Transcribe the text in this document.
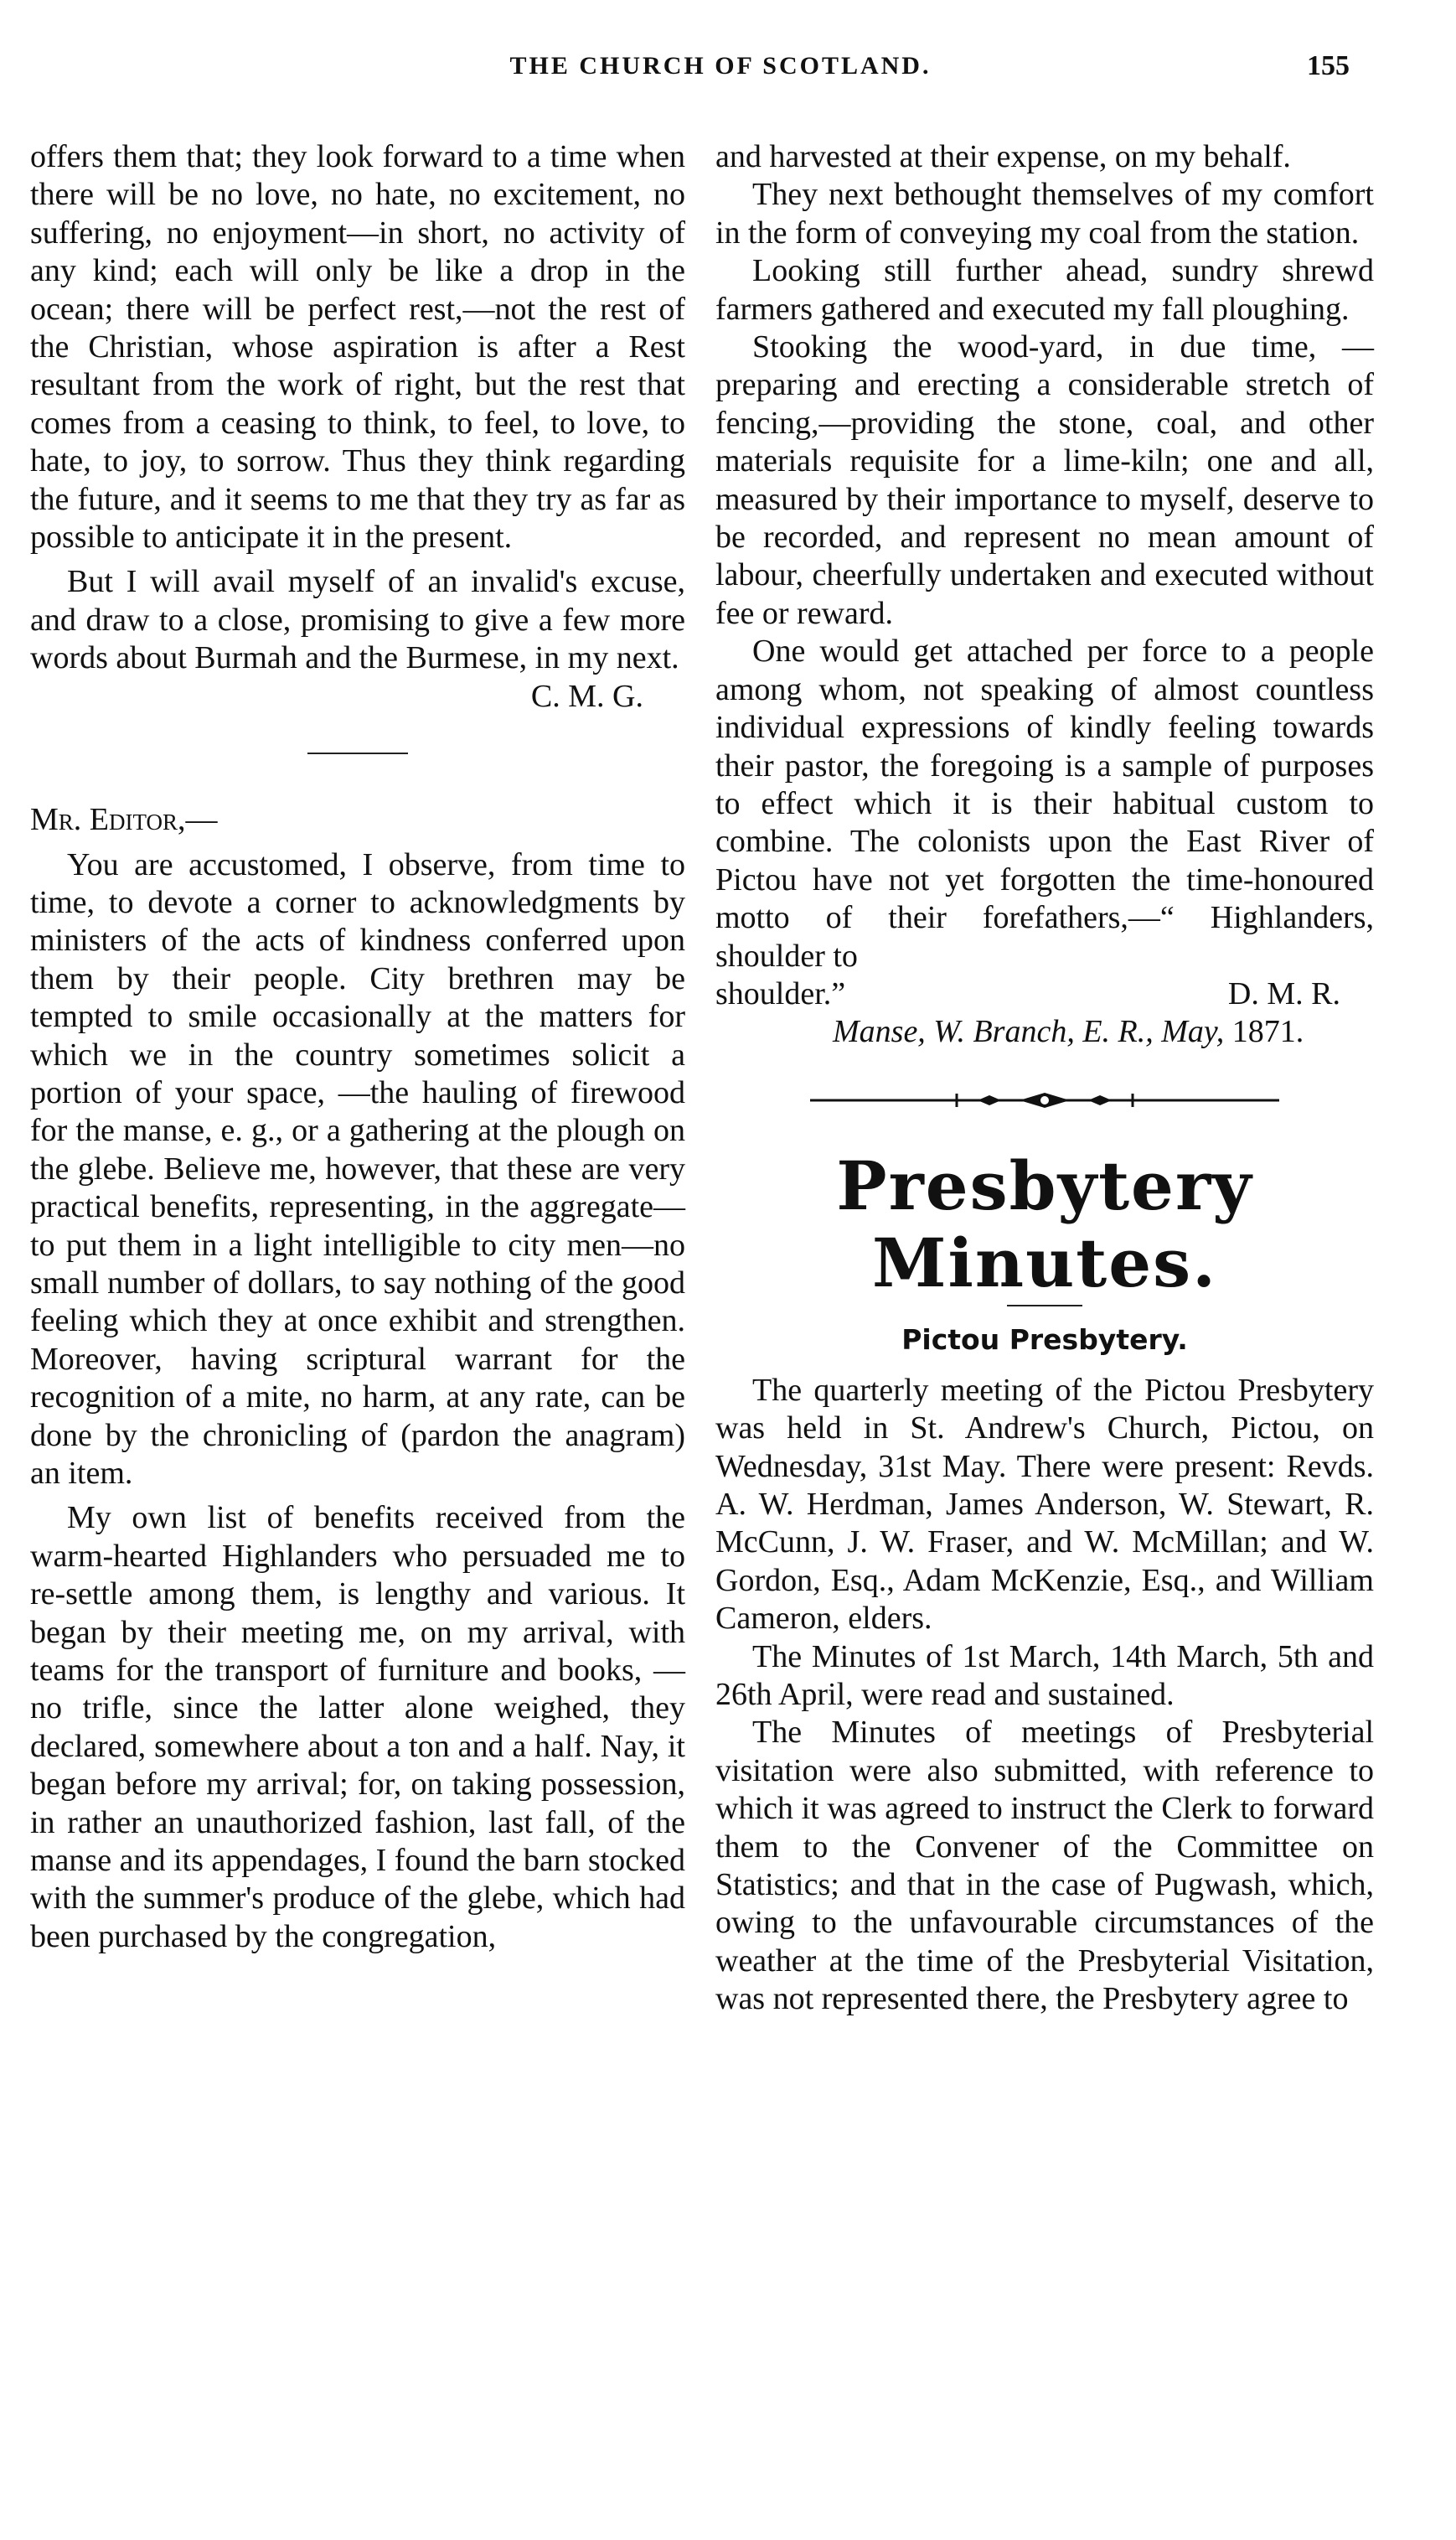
THE CHURCH OF SCOTLAND.	155

offers them that; they look forward to a time when there will be no love, no hate, no excitement, no suffering, no enjoyment—in short, no activity of any kind; each will only be like a drop in the ocean; there will be perfect rest,—not the rest of the Christian, whose aspiration is after a Rest resultant from the work of right, but the rest that comes from a ceasing to think, to feel, to love, to hate, to joy, to sorrow. Thus they think regarding the future, and it seems to me that they try as far as possible to anticipate it in the present.

But I will avail myself of an invalid's excuse, and draw to a close, promising to give a few more words about Burmah and the Burmese, in my next.

C. M. G.

Mr. Editor,—

You are accustomed, I observe, from time to time, to devote a corner to acknowledgments by ministers of the acts of kindness conferred upon them by their people. City brethren may be tempted to smile occasionally at the matters for which we in the country sometimes solicit a portion of your space, —the hauling of firewood for the manse, e. g., or a gathering at the plough on the glebe. Believe me, however, that these are very practical benefits, representing, in the aggregate—to put them in a light intelligible to city men—no small number of dollars, to say nothing of the good feeling which they at once exhibit and strengthen. Moreover, having scriptural warrant for the recognition of a mite, no harm, at any rate, can be done by the chronicling of (pardon the anagram) an item.

My own list of benefits received from the warm-hearted Highlanders who persuaded me to re-settle among them, is lengthy and various. It began by their meeting me, on my arrival, with teams for the transport of furniture and books, —no trifle, since the latter alone weighed, they declared, somewhere about a ton and a half. Nay, it began before my arrival; for, on taking possession, in rather an unauthorized fashion, last fall, of the manse and its appendages, I found the barn stocked with the summer's produce of the glebe, which had been purchased by the congregation,

and harvested at their expense, on my behalf.

They next bethought themselves of my comfort in the form of conveying my coal from the station.

Looking still further ahead, sundry shrewd farmers gathered and executed my fall ploughing.

Stooking the wood-yard, in due time, —preparing and erecting a considerable stretch of fencing,—providing the stone, coal, and other materials requisite for a lime-kiln; one and all, measured by their importance to myself, deserve to be recorded, and represent no mean amount of labour, cheerfully undertaken and executed without fee or reward.

One would get attached per force to a people among whom, not speaking of almost countless individual expressions of kindly feeling towards their pastor, the foregoing is a sample of purposes to effect which it is their habitual custom to combine. The colonists upon the East River of Pictou have not yet forgotten the time-honoured motto of their forefathers,—“ Highlanders, shoulder to

shoulder.”	D. M. R.

Manse, W. Branch, E. R., May, 1871.

Presbytery Minutes.

Pictou Presbytery.

The quarterly meeting of the Pictou Presbytery was held in St. Andrew's Church, Pictou, on Wednesday, 31st May. There were present: Revds. A. W. Herdman, James Anderson, W. Stewart, R. McCunn, J. W. Fraser, and W. McMillan; and W. Gordon, Esq., Adam McKenzie, Esq., and William Cameron, elders.

The Minutes of 1st March, 14th March, 5th and 26th April, were read and sustained.

The Minutes of meetings of Presbyterial visitation were also submitted, with reference to which it was agreed to instruct the Clerk to forward them to the Convener of the Committee on Statistics; and that in the case of Pugwash, which, owing to the unfavourable circumstances of the weather at the time of the Presbyterial Visitation, was not represented there, the Presbytery agree to
